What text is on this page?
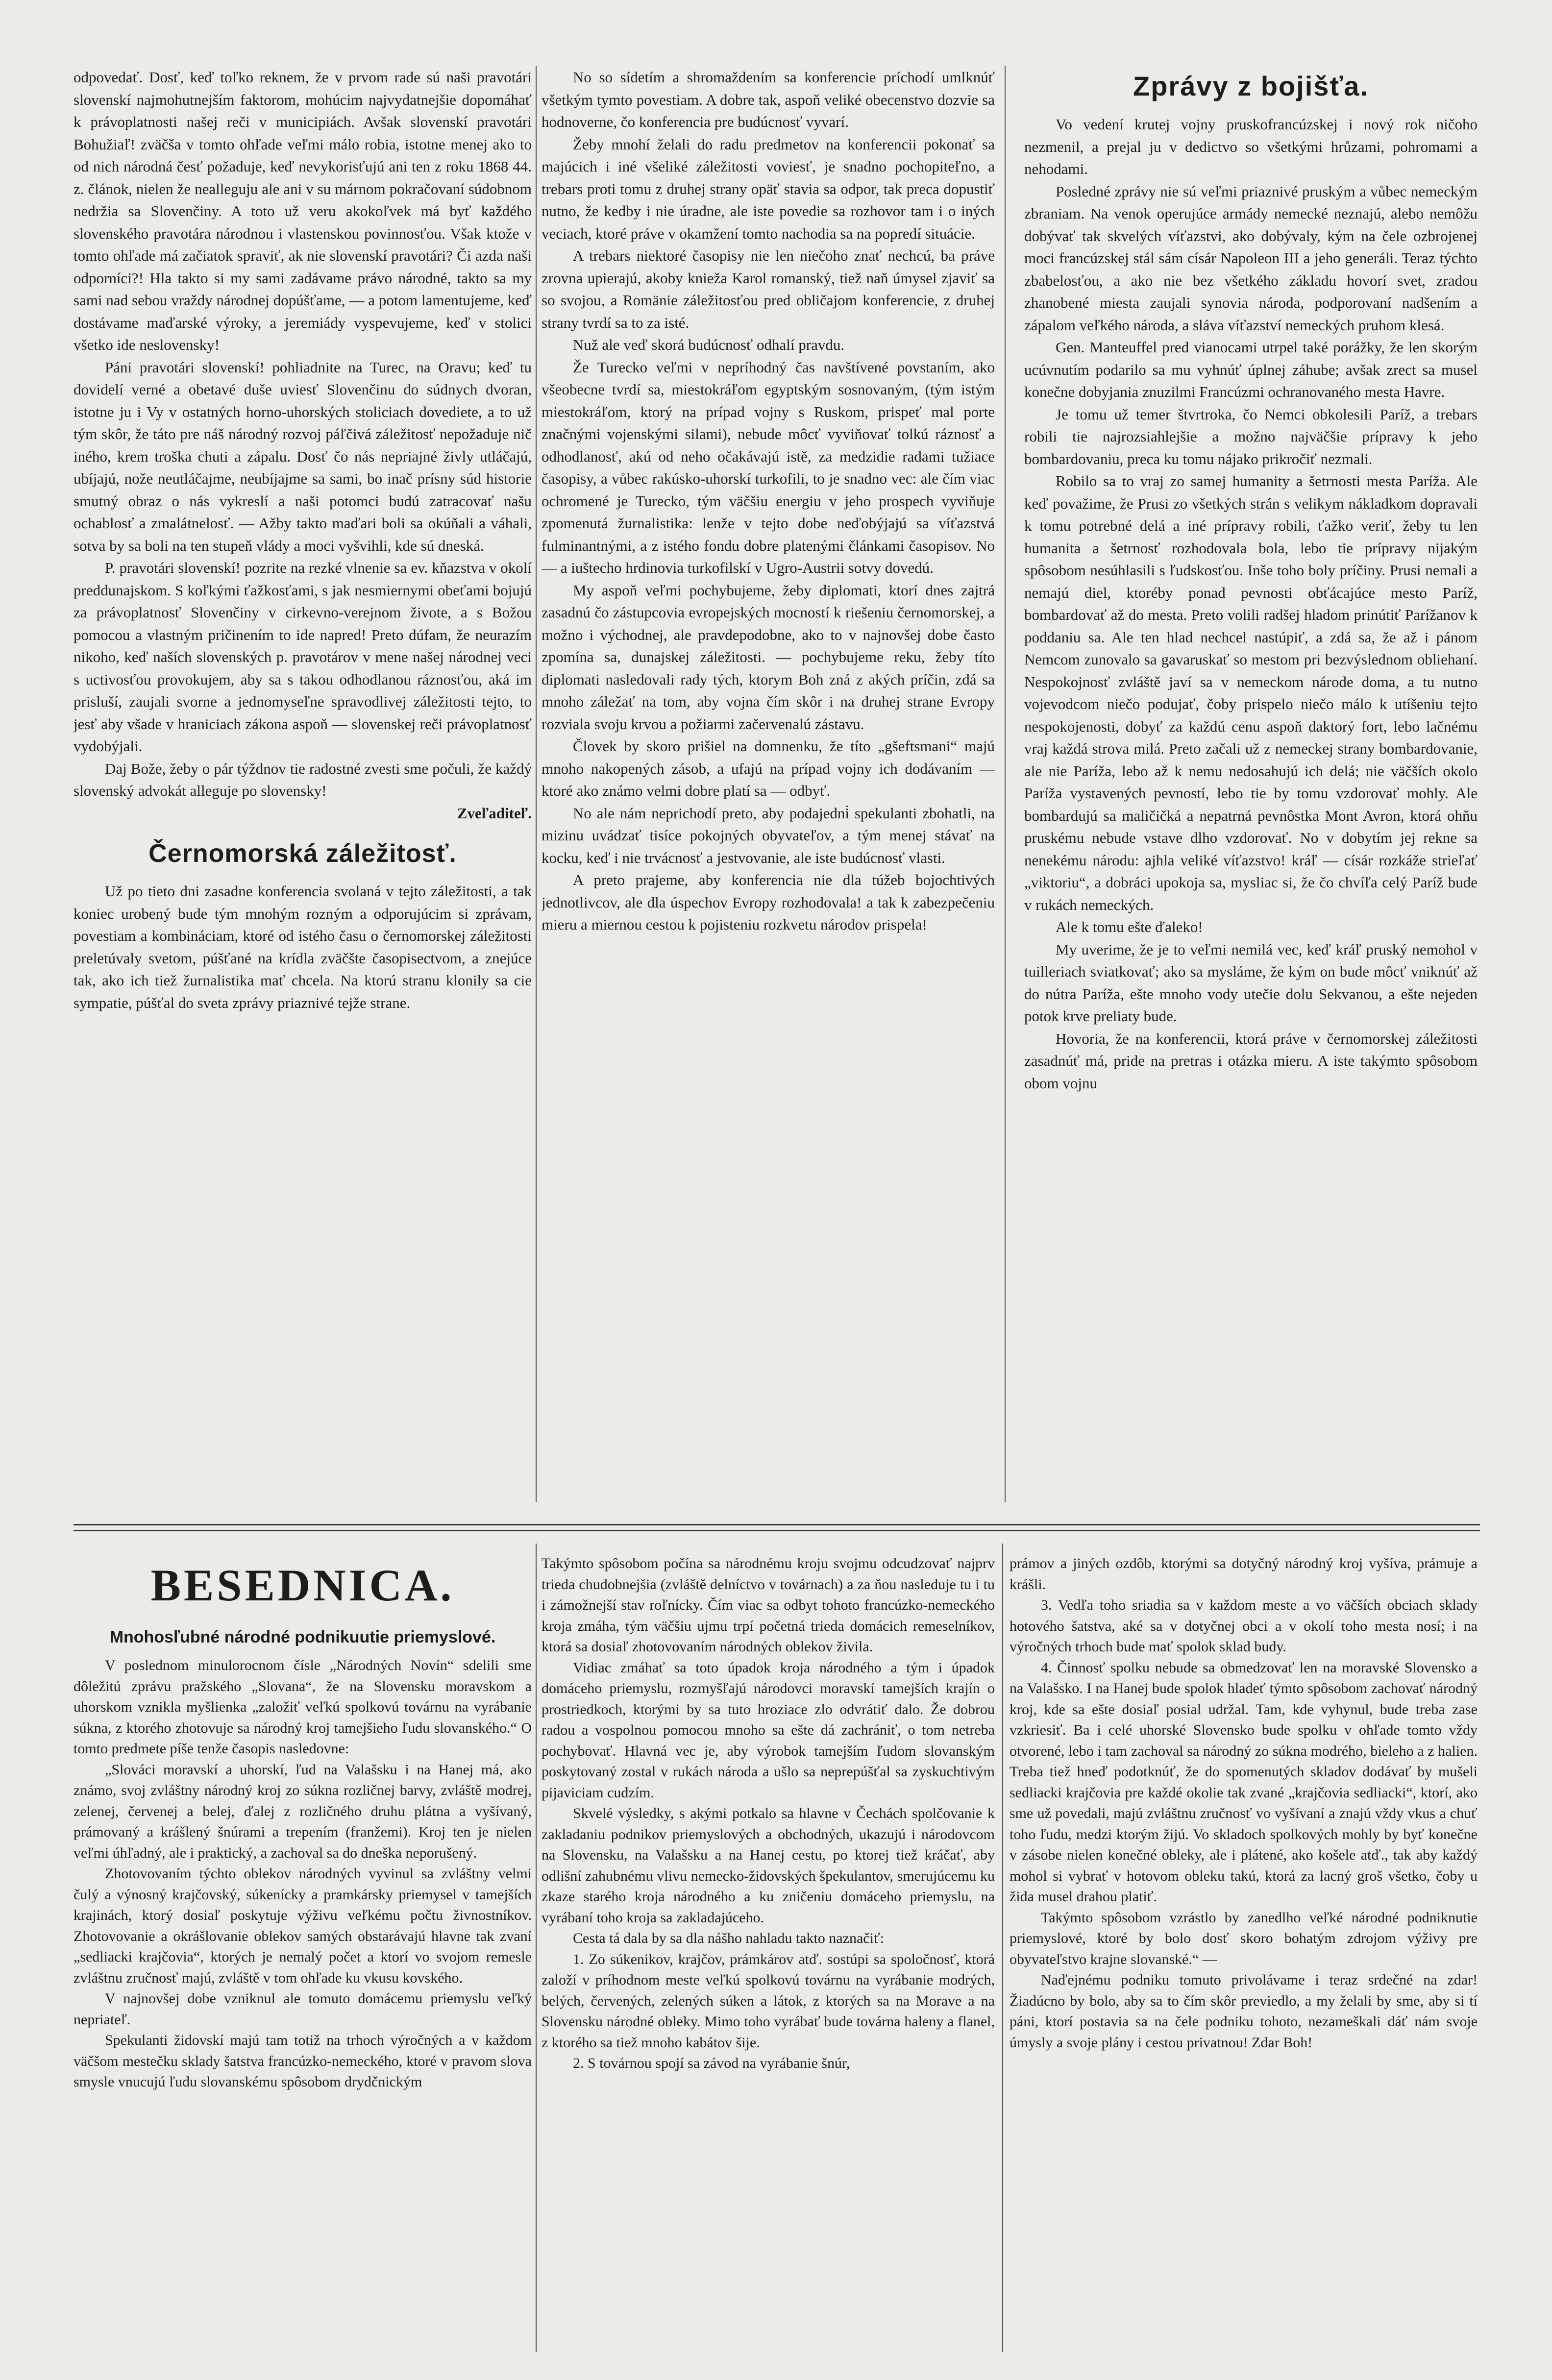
odpovedať. Dosť, keď toľko reknem, že v prvom rade sú naši pravotári slovenskí najmohutnejším faktorom, mohúcim najvydatnejšie dopomáhať k právoplatnosti našej reči v municipiách. Avšak slovenskí pravotári Bohužiaľ! zväčša v tomto ohľade veľmi málo robia, istotne menej ako to od nich národná česť požaduje, keď nevykorisťujú ani ten z roku 1868 44. z. článok, nielen že nealleguju ale ani v su márnom pokračovaní súdobnom nedržia sa Slovenčiny. A toto už veru akokoľvek má byť každého slovenského pravotára národnou i vlastenskou povinnosťou. Však ktože v tomto ohľade má začiatok spraviť, ak nie slovenskí pravotári? Či azda naši odporníci?! Hla takto si my sami zadávame právo národné, takto sa my sami nad sebou vraždy národnej dopúšťame, — a potom lamentujeme, keď dostávame maďarské výroky, a jeremiády vyspevujeme, keď v stolici všetko ide neslovensky!

Páni pravotári slovenskí! pohliadnite na Turec, na Oravu; keď tu dovidelí verné a obetavé duše uviesť Slovenčinu do súdnych dvoran, istotne ju i Vy v ostatných horno-uhorských stoliciach dovediete, a to už tým skôr, že táto pre náš národný rozvoj páľčivá záležitosť nepožaduje nič iného, krem troška chuti a zápalu. Dosť čo nás nepriajné živly utláčajú, ubíjajú, nože neutláčajme, neubíjajme sa sami, bo inač prísny súd historie smutný obraz o nás vykreslí a naši potomci budú zatracovať našu ochablosť a zmalátnelosť. — Ažby takto maďari boli sa okúňali a váhali, sotva by sa boli na ten stupeň vlády a moci vyšvihli, kde sú dneská.

P. pravotári slovenskí! pozrite na rezké vlnenie sa ev. kňazstva v okolí preddunajskom. S koľkými ťažkosťami, s jak nesmiernymi obeťami bojujú za právoplatnosť Slovenčiny v cirkevno-verejnom živote, a s Božou pomocou a vlastným pričinením to ide napred! Preto dúfam, že neurazím nikoho, keď naších slovenských p. pravotárov v mene našej národnej veci s uctivosťou provokujem, aby sa s takou odhodlanou ráznosťou, aká im prisluší, zaujali svorne a jednomyseľne spravodlivej záležitosti tejto, to jesť aby všade v hraniciach zákona aspoň — slovenskej reči právoplatnosť vydobýjali.

Daj Bože, žeby o pár týždnov tie radostné zvesti sme počuli, že každý slovenský advokát alleguje po slovensky!

Zveľaditeľ.
Černomorská záležitosť.

Už po tieto dni zasadne konferencia svolaná v tejto záležitosti, a tak koniec urobený bude tým mnohým rozným a odporujúcim si zprávam, povestiam a kombináciam, ktoré od istého času o černomorskej záležitosti preletúvaly svetom, púšťané na krídla zväčšte časopisectvom, a znejúce tak, ako ich tiež žurnalistika mať chcela. Na ktorú stranu klonily sa cie sympatie, púšťal do sveta zprávy priaznivé tejže strane.

No so sídetím a shromaždením sa konferencie príchodí umlknúť všetkým tymto povestiam. A dobre tak, aspoň veliké obecenstvo dozvie sa hodnoverne, čo konferencia pre budúcnosť vyvarí.

Žeby mnohí želali do radu predmetov na konferencii pokonať sa majúcich i iné všeliké záležitosti voviesť, je snadno pochopiteľno, a trebars proti tomu z druhej strany opäť stavia sa odpor, tak preca dopustiť nutno, že kedby i nie úradne, ale iste povedie sa rozhovor tam i o iných veciach, ktoré práve v okamžení tomto nachodia sa na popredí situácie.

A trebars niektoré časopisy nie len niečoho znať nechcú, ba práve zrovna upierajú, akoby knieža Karol romanský, tiež naň úmysel zjaviť sa so svojou, a Romänie záležitosťou pred obličajom konferencie, z druhej strany tvrdí sa to za isté.

Nuž ale veď skorá budúcnosť odhalí pravdu.

Že Turecko veľmi v nepríhodný čas navštívené povstaním, ako všeobecne tvrdí sa, miestokráľom egyptským sosnovaným, (tým istým miestokráľom, ktorý na prípad vojny s Ruskom, prispeť mal porte značnými vojenskými silami), nebude môcť vyviňovať tolkú ráznosť a odhodlanosť, akú od neho očakávajú istě, za medzidie radami tužiace časopisy, a vůbec rakúsko-uhorskí turkofili, to je snadno vec: ale čím viac ochromené je Turecko, tým väčšiu energiu v jeho prospech vyviňuje zpomenutá žurnalistika: lenže v tejto dobe neďobýjajú sa víťazstvá fulminantnými, a z istého fondu dobre platenými článkami časopisov. No — a iuštecho hrdinovia turkofilskí v Ugro-Austrii sotvy dovedú.

My aspoň veľmi pochybujeme, žeby diplomati, ktorí dnes zajtrá zasadnú čo zástupcovia evropejských mocností k riešeniu černomorskej, a možno i východnej, ale pravdepodobne, ako to v najnovšej dobe často zpomína sa, dunajskej záležitosti. — pochybujeme reku, žeby títo diplomati nasledovali rady tých, ktorym Boh zná z akých príčin, zdá sa mnoho záležať na tom, aby vojna čím skôr i na druhej strane Evropy rozviala svoju krvou a požiarmi začervenalú zástavu.

Človek by skoro prišiel na domnenku, že títo „gšeftsmani“ majú mnoho nakopených zásob, a ufajú na prípad vojny ich dodávaním — ktoré ako známo velmi dobre platí sa — odbyť.

No ale nám neprichodí preto, aby podajedni̇ spekulanti zbohatli, na mizinu uvádzať tisíce pokojných obyvateľov, a tým menej stávať na kocku, keď i nie trvácnosť a jestvovanie, ale iste budúcnosť vlasti.

A preto prajeme, aby konferencia nie dla túžeb bojochtivých jednotlivcov, ale dla úspechov Evropy rozhodovala! a tak k zabezpečeniu mieru a miernou cestou k pojisteniu rozkvetu národov prispela!

Zprávy z bojišťa.

Vo vedení krutej vojny pruskofrancúzskej i nový rok ničoho nezmenil, a prejal ju v dedictvo so všetkými hrůzami, pohromami a nehodami.

Posledné zprávy nie sú veľmi priaznivé pruským a vůbec nemeckým zbraniam. Na venok operujúce armády nemecké neznajú, alebo nemôžu dobývať tak skvelých víťazstvi, ako dobývaly, kým na čele ozbrojenej moci francúzskej stál sám císár Napoleon III a jeho generáli. Teraz týchto zbabelosťou, a ako nie bez všetkého základu hovorí svet, zradou zhanobené miesta zaujali synovia národa, podporovaní nadšením a zápalom veľkého národa, a sláva víťazství nemeckých pruhom klesá.

Gen. Manteuffel pred vianocami utrpel také porážky, že len skorým ucúvnutím podarilo sa mu vyhnúť úplnej záhube; avšak zrect sa musel konečne dobyjania znuzilmi Francúzmi ochranovaného mesta Havre.

Je tomu už temer štvrtroka, čo Nemci obkolesili Paríž, a trebars robili tie najrozsiahlejšie a možno najväčšie prípravy k jeho bombardovaniu, preca ku tomu nájako prikročiť nezmali.

Robilo sa to vraj zo samej humanity a šetrnosti mesta Paríža. Ale keď považime, že Prusi zo všetkých strán s velikym nákladkom dopravali k tomu potrebné delá a iné prípravy robili, ťažko veriť, žeby tu len humanita a šetrnosť rozhodovala bola, lebo tie prípravy nijakým spôsobom nesúhlasili s ľudskosťou. Inše toho boly príčiny. Prusi nemali a nemajú diel, ktoréby ponad pevnosti obťácajúce mesto Paríž, bombardovať až do mesta. Preto volili radšej hladom prinútiť Parížanov k poddaniu sa. Ale ten hlad nechcel nastúpiť, a zdá sa, že až i pánom Nemcom zunovalo sa gavaruskať so mestom pri bezvýslednom obliehaní. Nespokojnosť zvláště javí sa v nemeckom národe doma, a tu nutno vojevodcom niečo podujať, čoby prispelo niečo málo k utíšeniu tejto nespokojenosti, dobyť za každú cenu aspoň daktorý fort, lebo lačnému vraj každá strova milá. Preto začali už z nemeckej strany bombardovanie, ale nie Paríža, lebo až k nemu nedosahujú ich delá; nie väčších okolo Paríža vystavených pevností, lebo tie by tomu vzdorovať mohly. Ale bombardujú sa maličičká a nepatrná pevnôstka Mont Avron, ktorá ohňu pruskému nebude vstave dlho vzdorovať. No v dobytím jej rekne sa nenekému národu: ajhla veliké víťazstvo! kráľ — císár rozkáže strieľať „viktoriu“, a dobráci upokoja sa, mysliac si, že čo chvíľa celý Paríž bude v rukách nemeckých.

Ale k tomu ešte ďaleko!

My uverime, že je to veľmi nemilá vec, keď kráľ pruský nemohol v tuilleriach sviatkovať; ako sa mysláme, že kým on bude môcť vniknúť až do nútra Paríža, ešte mnoho vody utečie dolu Sekvanou, a ešte nejeden potok krve preliaty bude.

Hovoria, že na konferencii, ktorá práve v černomorskej záležitosti zasadnúť má, pride na pretras i otázka mieru. A iste takýmto spôsobom obom vojnu

BESEDNICA.
Mnohosľubné národné podnikuutie priemyslové.

V poslednom minulorocnom čísle „Národných Novín“ sdelili sme dôležitú zprávu pražského „Slovana“, že na Slovensku moravskom a uhorskom vznikla myšlienka „založiť veľkú spolkovú továrnu na vyrábanie súkna, z ktorého zhotovuje sa národný kroj tamejšieho ľudu slovanského.“ O tomto predmete píše tenže časopis nasledovne:

„Slováci moravskí a uhorskí, ľud na Valašsku i na Hanej má, ako známo, svoj zvláštny národný kroj zo súkna rozličnej barvy, zvláště modrej, zelenej, červenej a belej, ďalej z rozličného druhu plátna a vyšívaný, prámovaný a krášlený šnúrami a trepením (franžemi). Kroj ten je nielen veľmi úhľadný, ale i praktický, a zachoval sa do dneška neporušený.

Zhotovovaním týchto oblekov národných vyvinul sa zvláštny velmi čulý a výnosný krajčovský, súkenícky a pramkársky priemysel v tamejších krajinách, ktorý dosiaľ poskytuje výživu veľkému počtu živnostníkov. Zhotovovanie a okrášlovanie oblekov samých obstarávajú hlavne tak zvaní „sedliacki krajčovia“, ktorých je nemalý počet a ktorí vo svojom remesle zvláštnu zručnosť majú, zvláště v tom ohľade ku vkusu kovského.

V najnovšej dobe vzniknul ale tomuto domácemu priemyslu veľký nepriateľ.

Spekulanti židovskí majú tam totiž na trhoch výročných a v každom väčšom mestečku sklady šatstva francúzko-nemeckého, ktoré v pravom slova smysle vnucujú ľudu slovanskému spôsobom drydčnickým

Takýmto spôsobom počína sa národnému kroju svojmu odcudzovať najprv trieda chudobnejšia (zvláště delníctvo v továrnach) a za ňou nasleduje tu i tu i zámožnejší stav roľnícky. Čím viac sa odbyt tohoto francúzko-nemeckého kroja zmáha, tým väčšiu ujmu trpí početná trieda domácich remeselníkov, ktorá sa dosiaľ zhotovovaním národných oblekov živila.

Vidiac zmáhať sa toto úpadok kroja národného a tým i úpadok domáceho priemyslu, rozmyšľajú národovci moravskí tamejších krajín o prostriedkoch, ktorými by sa tuto hroziace zlo odvrátiť dalo. Že dobrou radou a vospolnou pomocou mnoho sa ešte dá zachrániť, o tom netreba pochybovať. Hlavná vec je, aby výrobok tamejším ľudom slovanským poskytovaný zostal v rukách národa a ušlo sa neprepúšťal sa zyskuchtivým pijaviciam cudzím.

Skvelé výsledky, s akými potkalo sa hlavne v Čechách spolčovanie k zakladaniu podnikov priemyslových a obchodných, ukazujú i národovcom na Slovensku, na Valašsku a na Hanej cestu, po ktorej tiež kráčať, aby odlišní zahubnému vlivu nemecko-židovských špekulantov, smerujúcemu ku zkaze starého kroja národného a ku zničeniu domáceho priemyslu, na vyrábaní toho kroja sa zakladajúceho.

Cesta tá dala by sa dla nášho nahladu takto naznačiť:

1. Zo súkenikov, krajčov, prámkárov atď. sostúpi sa spoločnosť, ktorá založí v príhodnom meste veľkú spolkovú továrnu na vyrábanie modrých, belých, červených, zelených súken a látok, z ktorých sa na Morave a na Slovensku národné obleky. Mimo toho vyrábať bude továrna haleny a flanel, z ktorého sa tiež mnoho kabátov šije.

2. S továrnou spojí sa závod na vyrábanie šnúr,

prámov a jiných ozdôb, ktorými sa dotyčný národný kroj vyšíva, prámuje a krášli.

3. Vedľa toho sriadia sa v každom meste a vo väčších obciach sklady hotového šatstva, aké sa v dotyčnej obci a v okolí toho mesta nosí; i na výročných trhoch bude mať spolok sklad budy.

4. Činnosť spolku nebude sa obmedzovať len na moravské Slovensko a na Valašsko. I na Hanej bude spolok hladeť týmto spôsobom zachovať národný kroj, kde sa ešte dosiaľ posial udržal. Tam, kde vyhynul, bude treba zase vzkriesiť. Ba i celé uhorské Slovensko bude spolku v ohľade tomto vždy otvorené, lebo i tam zachoval sa národný zo súkna modrého, bieleho a z halien. Treba tiež hneď podotknúť, že do spomenutých skladov dodávať by mušeli sedliacki krajčovia pre každé okolie tak zvané „krajčovia sedliacki“, ktorí, ako sme už povedali, majú zvláštnu zručnosť vo vyšívaní a znajú vždy vkus a chuť toho ľudu, medzi ktorým žijú. Vo skladoch spolkových mohly by byť konečne v zásobe nielen konečné obleky, ale i plátené, ako košele atď., tak aby každý mohol si vybrať v hotovom obleku takú, ktorá za lacný groš všetko, čoby u žida musel drahou platiť.

Takýmto spôsobom vzrástlo by zanedlho veľké národné podniknutie priemyslové, ktoré by bolo dosť skoro bohatým zdrojom výživy pre obyvateľstvo krajne slovanské.“ —

Naďejnému podniku tomuto privolávame i teraz srdečné na zdar! Žiadúcno by bolo, aby sa to čím skôr previedlo, a my želali by sme, aby si tí páni, ktorí postavia sa na čele podniku tohoto, nezameškali dáť nám svoje úmysly a svoje plány i cestou privatnou! Zdar Boh!
